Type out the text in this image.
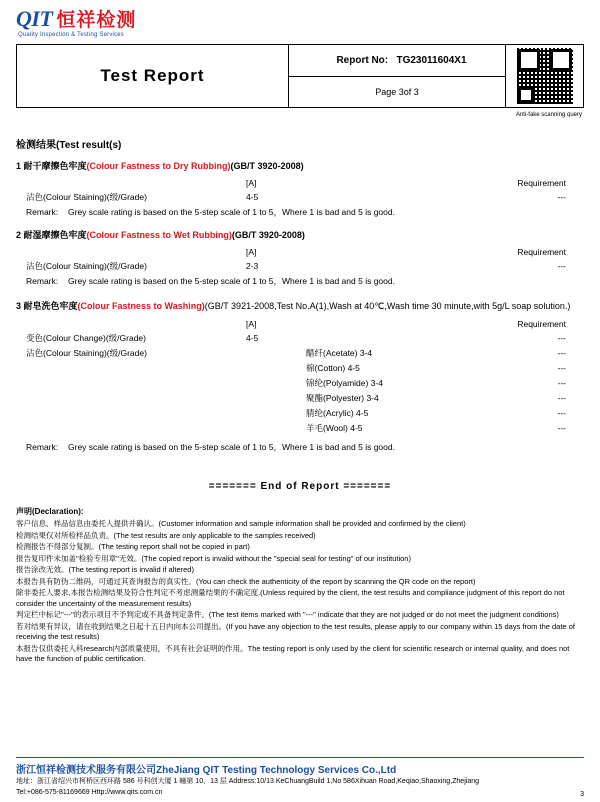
QIT 恒祥检测
Quality Inspection & Testing Services
Test Report	Report No: TG23011604X1	

Page 3of 3
Anti-fake scanning query
检测结果(Test result(s)
1 耐干摩擦色牢度(Colour Fastness to Dry Rubbing)(GB/T 3920-2008)
[A]	Requirement
沾色(Colour Staining)(级/Grade)	4-5	---
Remark: Grey scale rating is based on the 5-step scale of 1 to 5，Where 1 is bad and 5 is good.
2 耐湿摩擦色牢度(Colour Fastness to Wet Rubbing)(GB/T 3920-2008)
[A]	Requirement
沾色(Colour Staining)(级/Grade)	2-3	---
Remark: Grey scale rating is based on the 5-step scale of 1 to 5，Where 1 is bad and 5 is good.
3 耐皂洗色牢度(Colour Fastness to Washing)(GB/T 3921-2008,Test No.A(1),Wash at 40℃,Wash time 30 minute,with 5g/L soap solution.)
[A]	Requirement
变色(Colour Change)(级/Grade)	4-5	---
沾色(Colour Staining)(级/Grade)	醋纤(Acetate) 3-4	---
棉(Cotton) 4-5	---
锦纶(Polyamide) 3-4	---
聚酯(Polyester) 3-4	---
腈纶(Acrylic) 4-5	---
羊毛(Wool) 4-5	---
Remark: Grey scale rating is based on the 5-step scale of 1 to 5，Where 1 is bad and 5 is good.
======= End of Report =======
声明(Declaration):

客户信息、样品信息由委托人提供并确认。(Customer information and sample information shall be provided and confirmed by the client)

检测结果仅对所检样品负责。(The test results are only applicable to the samples received)

检测报告不得部分复制。(The testing report shall not be copied in part)

报告复印件未加盖"检验专用章"无效。(The copied report is invalid without the "special seal for testing" of our institution)

报告涂改无效。(The testing report is invalid if altered)

本报告具有防伪二维码，可通过其查询报告的真实性。(You can check the authenticity of the report by scanning the QR code on the report)

除非委托人要求,本报告检测结果及符合性判定不考虑测量结果的不确定度.(Unless required by the client, the test results and compliance judgment of this report do not consider the uncertainty of the measurement results)

判定栏中标记"---"的表示项目不予判定或不具备判定条件。(The test items marked with "---" indicate that they are not judged or do not meet the judgment conditions)

若对结果有异议，请在收到结果之日起十五日内向本公司提出。(If you have any objection to the test results, please apply to our company within 15 days from the date of receiving the test results)

本报告仅供委托人科research内部质量使用，不具有社会证明的作用。The testing report is only used by the client for scientific research or internal quality, and does not have the function of public certification.

浙江恒祥检测技术服务有限公司ZheJiang QIT Testing Technology Services Co.,Ltd
地址：浙江省绍兴市柯桥区西环路 586 号科创大厦 1 幢第 10、13 层 Address:10/13 KeChuangBuild 1,No 586Xihuan Road,Keqiao,Shaoxing,Zhejiang
Tel:+086-575-81169669 Http://www.qits.com.cn	3
